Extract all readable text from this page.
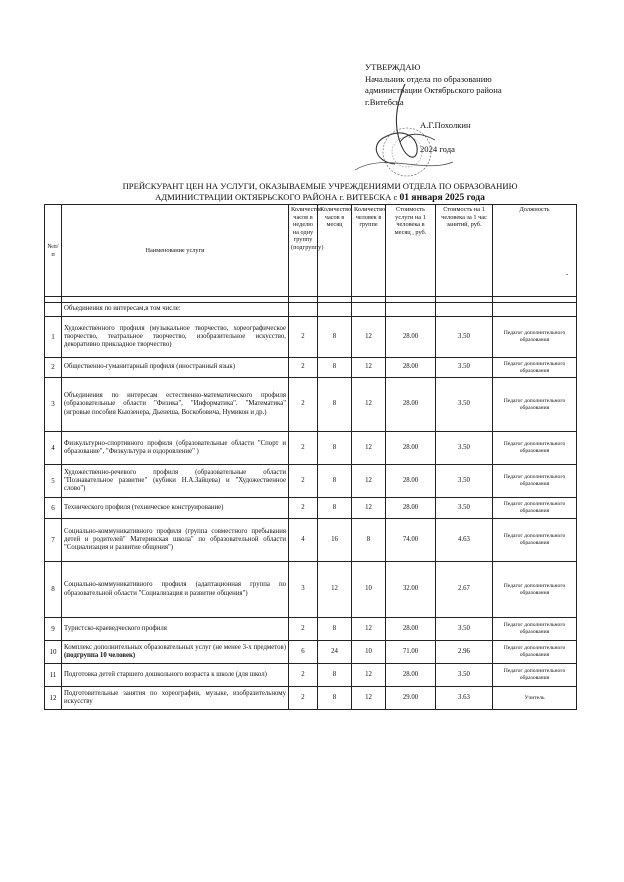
УТВЕРЖДАЮ
Начальник отдела по образованию
администрации Октябрьского района
г.Витебска
А.Г.Похолкин
2024 года
ПРЕЙСКУРАНТ ЦЕН НА УСЛУГИ, ОКАЗЫВАЕМЫЕ УЧРЕЖДЕНИЯМИ ОТДЕЛА ПО ОБРАЗОВАНИЮ
АДМИНИСТРАЦИИ ОКТЯБРЬСКОГО РАЙОНА г. ВИТЕБСКА с 01 января 2025 года
-
№п/п	Наименование услуги	Количество часов в неделю на одну группу (подгруппу)	Количество часов в месяц	Количество человек в группе	Стоимость услуги на 1 человека в месяц , руб.	Стоимость на 1 человека за 1 час занятий, руб.	Должность

	Объединения по интересам,в том числе:						
1	Художественного профиля (музыкальное творчество, хореографическое творчество, театральное творчество, изобразительное искусство, декоративно прикладное творчество)	2	8	12	28.00	3.50	Педагог дополнительного образования
2	Общественно-гуманитарный профиля (иностранный язык)	2	8	12	28.00	3.50	Педагог дополнительного образования
3	Объединения по интересам естественно-математического профиля (образовательные области "Физика", "Информатика". "Математика" (игровые пособия Кьюзенера, Дьенеша, Воскобовича, Нумикон и др.)	2	8	12	28.00	3.50	Педагог дополнительного образования
4	Физкультурно-спортивного профиля (образовательные области "Спорт и образование", "Физкультура и оздоровление" )	2	8	12	28.00	3.50	Педагог дополнительного образования
5	Художественно-речевого профиля (образовательные области "Познавательное развитие" (кубики Н.А.Зайцева) и "Художественное слово")	2	8	12	28.00	3.50	Педагог дополнительного образования
6	Технического профиля (техническое конструирование)	2	8	12	28.00	3.50	Педагог дополнительного образования
7	Социально-коммуникативного профиля (группа совместного пребывания детей и родителей" Материнская школа" по образовательной области "Социализация и развитие общения")	4	16	8	74.00	4.63	Педагог дополнительного образования
8	Социально-коммуникативного профиля (адаптационная группа по образовательной области "Социализация и развитие общения")	3	12	10	32.00	2.67	Педагог дополнительного образования
9	Туристско-краеведческого профиля	2	8	12	28.00	3.50	Педагог дополнительного образования
10	Комплекс дополнительных образовательных услуг (не менее 3-х предметов) (подгруппа 10 человек)	6	24	10	71.00	2.96	Педагог дополнительного образования
11	Подготовка детей старшего дошкольного возраста к школе (для школ)	2	8	12	28.00	3.50	Педагог дополнительного образования
12	Подготовительные занятия по хореографии, музыке, изобразительному искусству	2	8	12	29.00	3.63	Учитель
